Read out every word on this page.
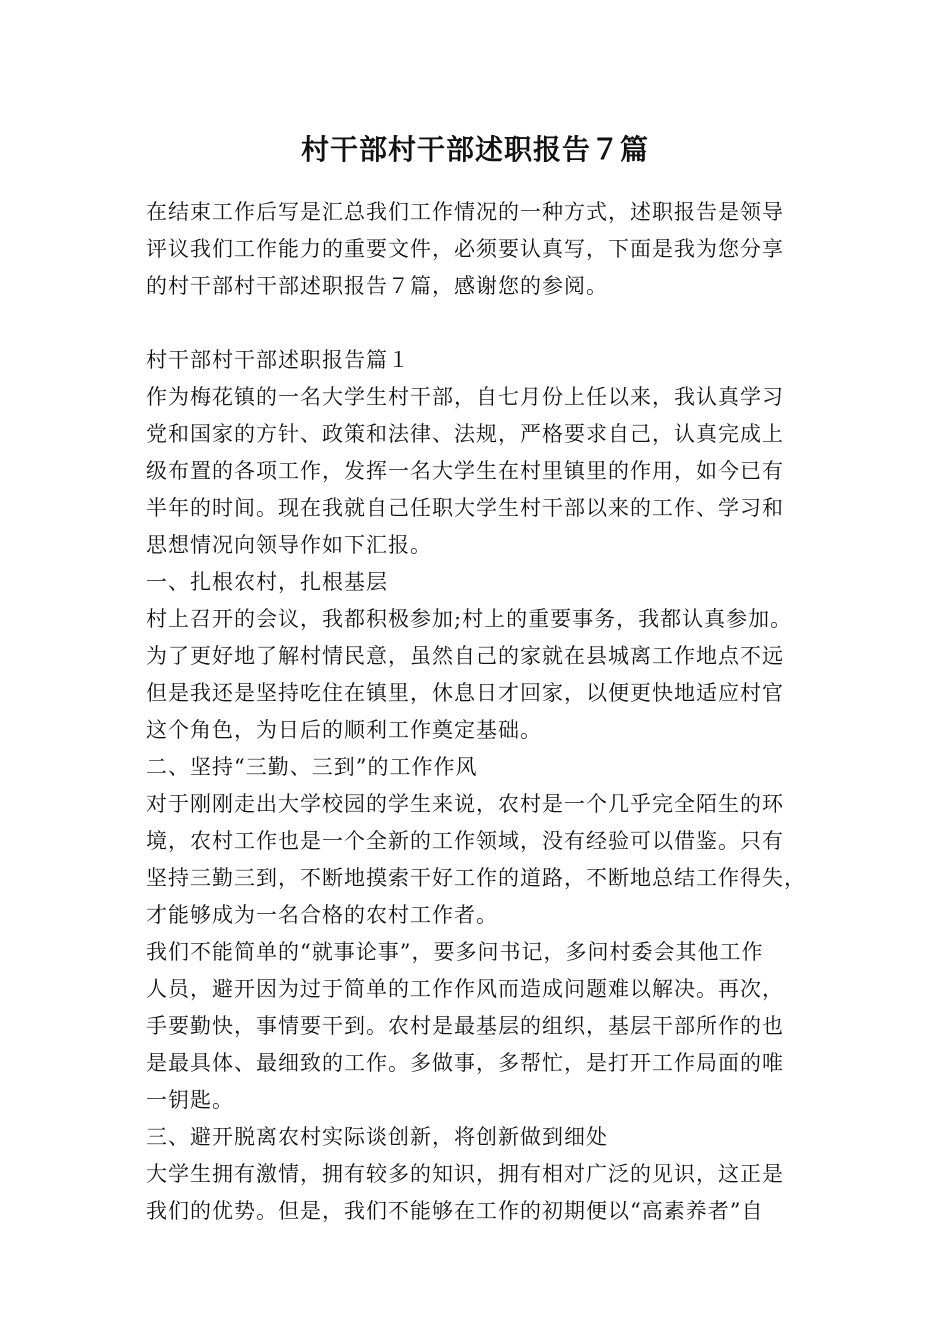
村干部村干部述职报告７篇
在结束工作后写是汇总我们工作情况的一种方式，述职报告是领导
评议我们工作能力的重要文件，必须要认真写，下面是我为您分享
的村干部村干部述职报告７篇，感谢您的参阅。
村干部村干部述职报告篇１
作为梅花镇的一名大学生村干部，自七月份上任以来，我认真学习
党和国家的方针、政策和法律、法规，严格要求自己，认真完成上
级布置的各项工作，发挥一名大学生在村里镇里的作用，如今已有
半年的时间。现在我就自己任职大学生村干部以来的工作、学习和
思想情况向领导作如下汇报。
一、扎根农村，扎根基层
村上召开的会议，我都积极参加;村上的重要事务，我都认真参加。
为了更好地了解村情民意，虽然自己的家就在县城离工作地点不远
但是我还是坚持吃住在镇里，休息日才回家，以便更快地适应村官
这个角色，为日后的顺利工作奠定基础。
二、坚持“三勤、三到”的工作作风
对于刚刚走出大学校园的学生来说，农村是一个几乎完全陌生的环
境，农村工作也是一个全新的工作领域，没有经验可以借鉴。只有
坚持三勤三到，不断地摸索干好工作的道路，不断地总结工作得失，
才能够成为一名合格的农村工作者。
我们不能简单的“就事论事”，要多问书记，多问村委会其他工作
人员，避开因为过于简单的工作作风而造成问题难以解决。再次，
手要勤快，事情要干到。农村是最基层的组织，基层干部所作的也
是最具体、最细致的工作。多做事，多帮忙，是打开工作局面的唯
一钥匙。
三、避开脱离农村实际谈创新，将创新做到细处
大学生拥有激情，拥有较多的知识，拥有相对广泛的见识，这正是
我们的优势。但是，我们不能够在工作的初期便以“高素养者”自
